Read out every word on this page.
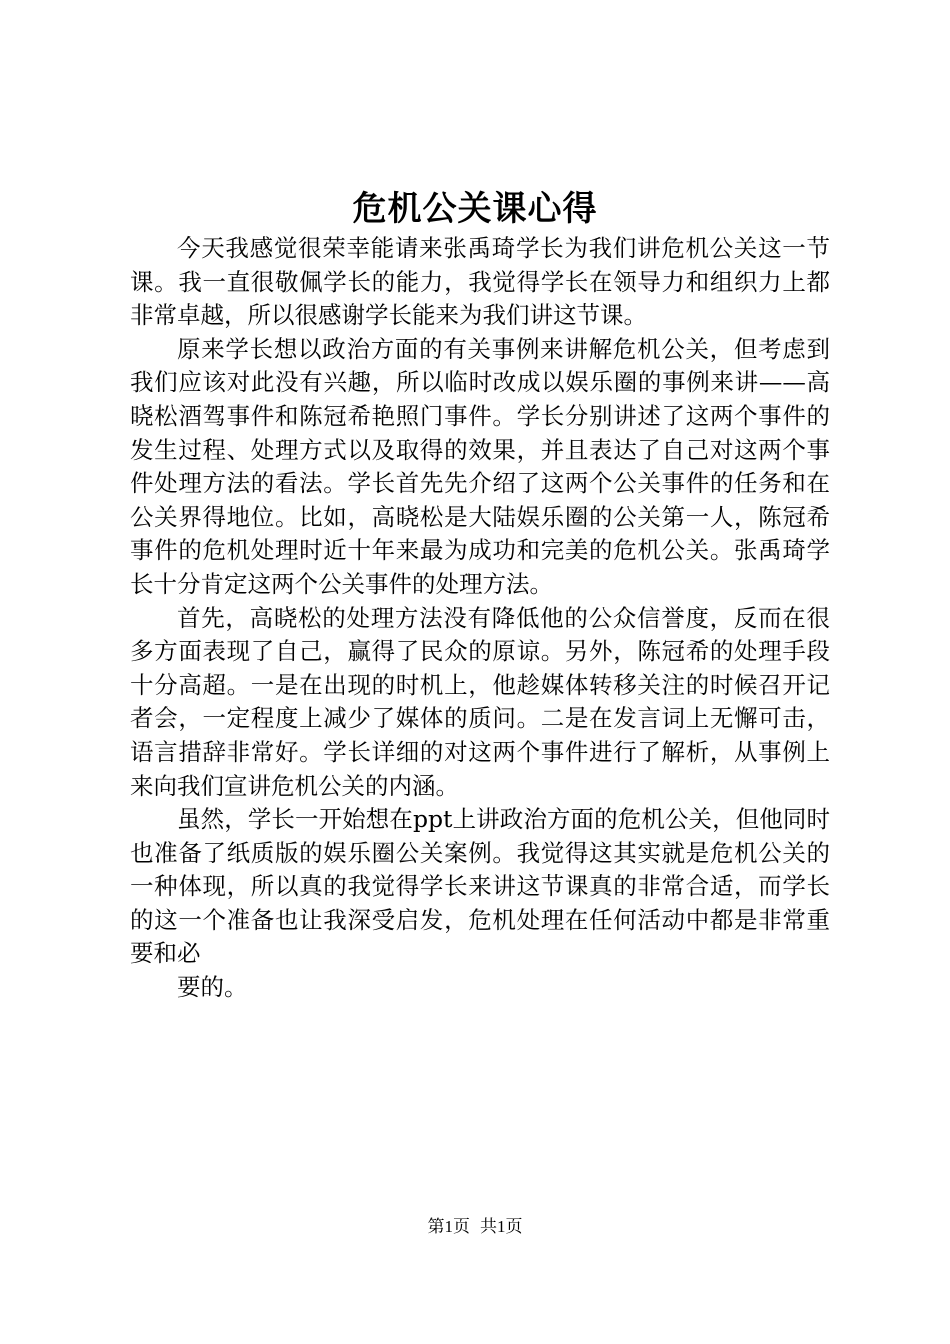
危机公关课心得

今天我感觉很荣幸能请来张禹琦学长为我们讲危机公关这一节课。我一直很敬佩学长的能力，我觉得学长在领导力和组织力上都非常卓越，所以很感谢学长能来为我们讲这节课。

原来学长想以政治方面的有关事例来讲解危机公关，但考虑到我们应该对此没有兴趣，所以临时改成以娱乐圈的事例来讲——高晓松酒驾事件和陈冠希艳照门事件。学长分别讲述了这两个事件的发生过程、处理方式以及取得的效果，并且表达了自己对这两个事件处理方法的看法。学长首先先介绍了这两个公关事件的任务和在公关界得地位。比如，高晓松是大陆娱乐圈的公关第一人，陈冠希事件的危机处理时近十年来最为成功和完美的危机公关。张禹琦学长十分肯定这两个公关事件的处理方法。

首先，高晓松的处理方法没有降低他的公众信誉度，反而在很多方面表现了自己，赢得了民众的原谅。另外，陈冠希的处理手段十分高超。一是在出现的时机上，他趁媒体转移关注的时候召开记者会，一定程度上减少了媒体的质问。二是在发言词上无懈可击，语言措辞非常好。学长详细的对这两个事件进行了解析，从事例上来向我们宣讲危机公关的内涵。

虽然，学长一开始想在ppt上讲政治方面的危机公关，但他同时也准备了纸质版的娱乐圈公关案例。我觉得这其实就是危机公关的一种体现，所以真的我觉得学长来讲这节课真的非常合适，而学长的这一个准备也让我深受启发，危机处理在任何活动中都是非常重要和必

要的。

第1页 共1页
